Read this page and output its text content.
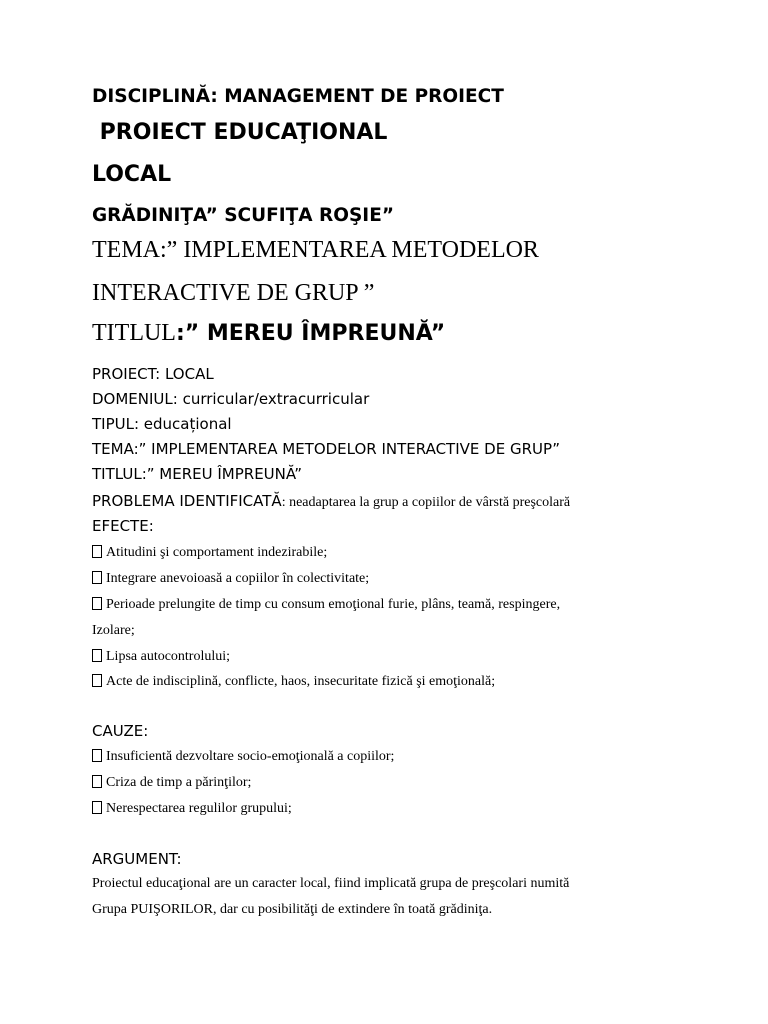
DISCIPLINĂ: MANAGEMENT DE PROIECT
PROIECT EDUCAŢIONAL
LOCAL
GRĂDINIŢA” SCUFIŢA ROŞIE”
TEMA:” IMPLEMENTAREA METODELOR
INTERACTIVE DE GRUP ”
TITLUL:” MEREU ÎMPREUNĂ”
PROIECT: LOCAL
DOMENIUL: curricular/extracurricular
TIPUL: educațional
TEMA:” IMPLEMENTAREA METODELOR INTERACTIVE DE GRUP”
TITLUL:” MEREU ÎMPREUNĂ”
PROBLEMA IDENTIFICATĂ: neadaptarea la grup a copiilor de vârstă preşcolară
EFECTE:
Atitudini şi comportament indezirabile;
Integrare anevoioasă a copiilor în colectivitate;
Perioade prelungite de timp cu consum emoţional furie, plâns, teamă, respingere,
Izolare;
Lipsa autocontrolului;
Acte de indisciplină, conflicte, haos, insecuritate fizică şi emoţională;
CAUZE:
Insuficientă dezvoltare socio-emoţională a copiilor;
Criza de timp a părinţilor;
Nerespectarea regulilor grupului;
ARGUMENT:
Proiectul educaţional are un caracter local, fiind implicată grupa de preşcolari numită
Grupa PUIŞORILOR, dar cu posibilităţi de extindere în toată grădiniţa.
